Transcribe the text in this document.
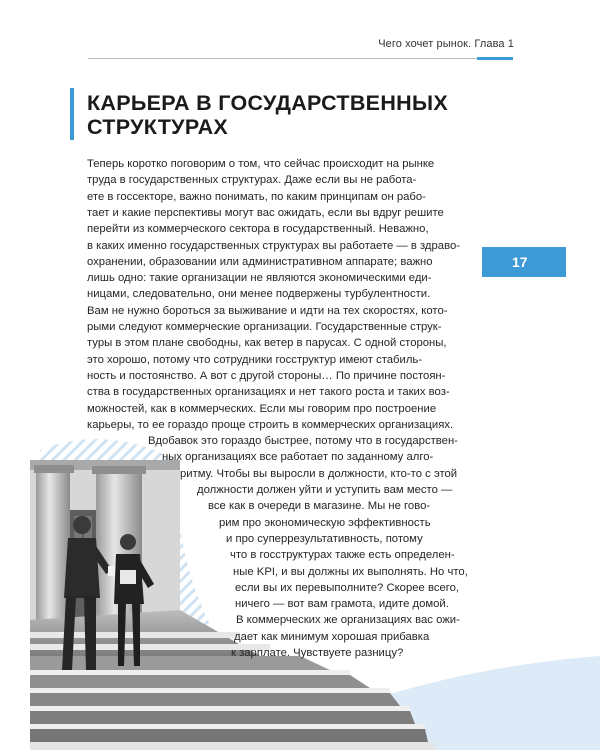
Чего хочет рынок. Глава 1
КАРЬЕРА В ГОСУДАРСТВЕННЫХ
СТРУКТУРАХ
17
Теперь коротко поговорим о том, что сейчас происходит на рынке
труда в государственных структурах. Даже если вы не работа-
ете в госсекторе, важно понимать, по каким принципам он рабо-
тает и какие перспективы могут вас ожидать, если вы вдруг решите
перейти из коммерческого сектора в государственный. Неважно,
в каких именно государственных структурах вы работаете — в здраво-
охранении, образовании или административном аппарате; важно
лишь одно: такие организации не являются экономическими еди-
ницами, следовательно, они менее подвержены турбулентности.
Вам не нужно бороться за выживание и идти на тех скоростях, кото-
рыми следуют коммерческие организации. Государственные струк-
туры в этом плане свободны, как ветер в парусах. С одной стороны,
это хорошо, потому что сотрудники госструктур имеют стабиль-
ность и постоянство. А вот с другой стороны… По причине постоян-
ства в государственных организациях и нет такого роста и таких воз-
можностей, как в коммерческих. Если мы говорим про построение
карьеры, то ее гораздо проще строить в коммерческих организациях.
Вдобавок это гораздо быстрее, потому что в государствен-
ных организациях все работает по заданному алго-
ритму. Чтобы вы выросли в должности, кто-то с этой
должности должен уйти и уступить вам место —
все как в очереди в магазине. Мы не гово-
рим про экономическую эффективность
и про суперрезультативность, потому
что в госструктурах также есть определен-
ные KPI, и вы должны их выполнять. Но что,
если вы их перевыполните? Скорее всего,
ничего — вот вам грамота, идите домой.
В коммерческих же организациях вас ожи-
дает как минимум хорошая прибавка
к зарплате. Чувствуете разницу?
